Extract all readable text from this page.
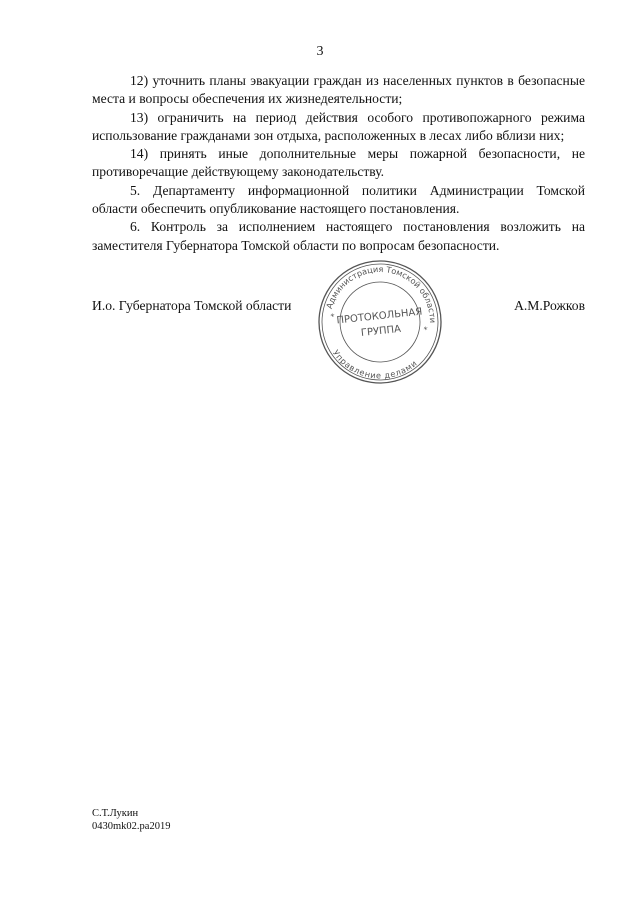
3

12) уточнить планы эвакуации граждан из населенных пунктов в безопасные места и вопросы обеспечения их жизнедеятельности;

13) ограничить на период действия особого противопожарного режима использование гражданами зон отдыха, расположенных в лесах либо вблизи них;

14) принять иные дополнительные меры пожарной безопасности, не противоречащие действующему законодательству.

5. Департаменту информационной политики Администрации Томской области обеспечить опубликование настоящего постановления.

6. Контроль за исполнением настоящего постановления возложить на заместителя Губернатора Томской области по вопросам безопасности.

И.о. Губернатора Томской области	А.М.Рожков
Администрация Томской области
Управление делами
*
*
ПРОТОКОЛЬНАЯ
ГРУППА
С.Т.Лукин
0430mk02.ра2019
